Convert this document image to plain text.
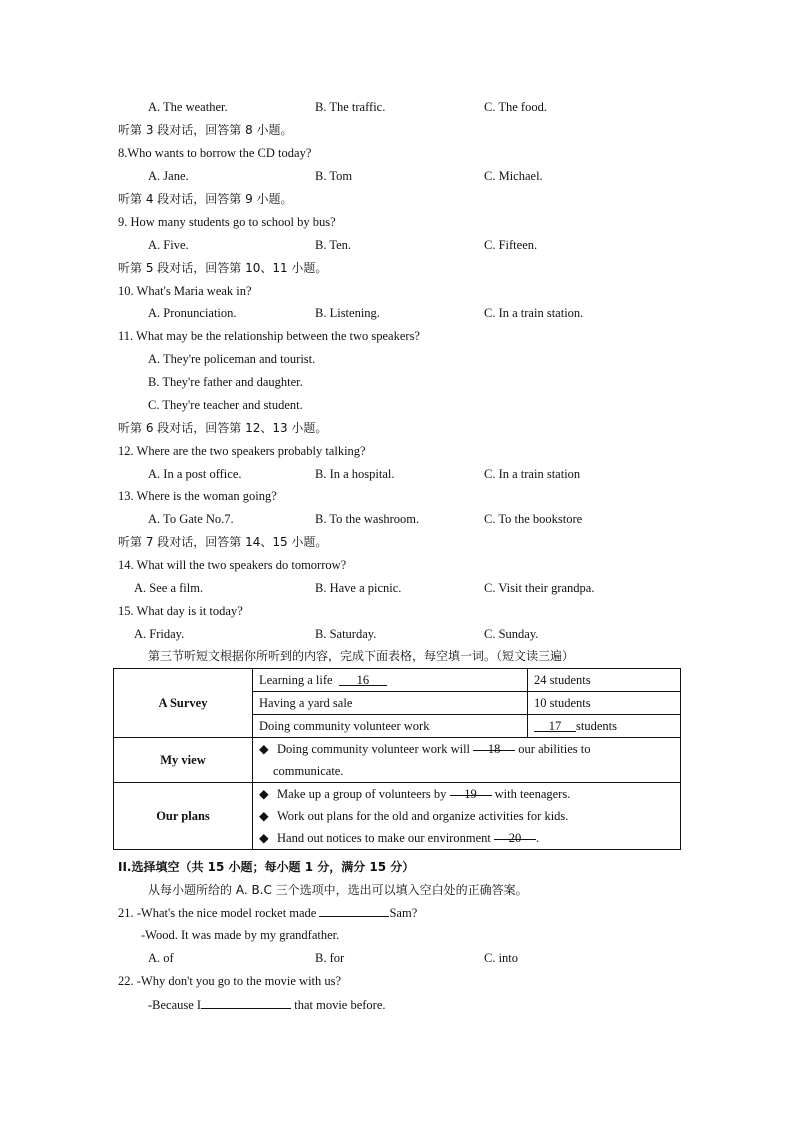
A. The weather.	B. The traffic.	C. The food.
听第 3 段对话，回答第 8 小题。
8.Who wants to borrow the CD today?
A. Jane.	B. Tom	C. Michael.
听第 4 段对话，回答第 9 小题。
9. How many students go to school by bus?
A. Five.	B. Ten.	C. Fifteen.
听第 5 段对话，回答第 10、11 小题。
10. What's Maria weak in?
A. Pronunciation.	B. Listening.	C. In a train station.
11. What may be the relationship between the two speakers?
A. They're policeman and tourist.
B. They're father and daughter.
C. They're teacher and student.
听第 6 段对话，回答第 12、13 小题。
12. Where are the two speakers probably talking?
A. In a post office.	B. In a hospital.	C. In a train station
13. Where is the woman going?
A. To Gate No.7.	B. To the washroom.	C. To the bookstore
听第 7 段对话，回答第 14、15 小题。
14. What will the two speakers do tomorrow?
A. See a film.	B. Have a picnic.	C. Visit their grandpa.
15. What day is it today?
A. Friday.	B. Saturday.	C. Sunday.
第三节听短文根据你所听到的内容，完成下面表格，每空填一词。（短文读三遍）
A Survey	Learning a life 16	24 students
	Having a yard sale	10 students
	Doing community volunteer work	17 students
My view	◆ Doing community volunteer work will 18 our abilities to
communicate.	

Our plans	◆ Make up a group of volunteers by 19 with teenagers.
◆ Work out plans for the old and organize activities for kids.
◆ Hand out notices to make our environment 20 .	
II.选择填空（共 15 小题；每小题 1 分，满分 15 分）
从每小题所给的 A. B.C 三个选项中，选出可以填入空白处的正确答案。
21. -What's the nice model rocket made	Sam?
-Wood. It was made by my grandfather.
A. of	B. for	C. into
22. -Why don't you go to the movie with us?
-Because I	that movie before.
